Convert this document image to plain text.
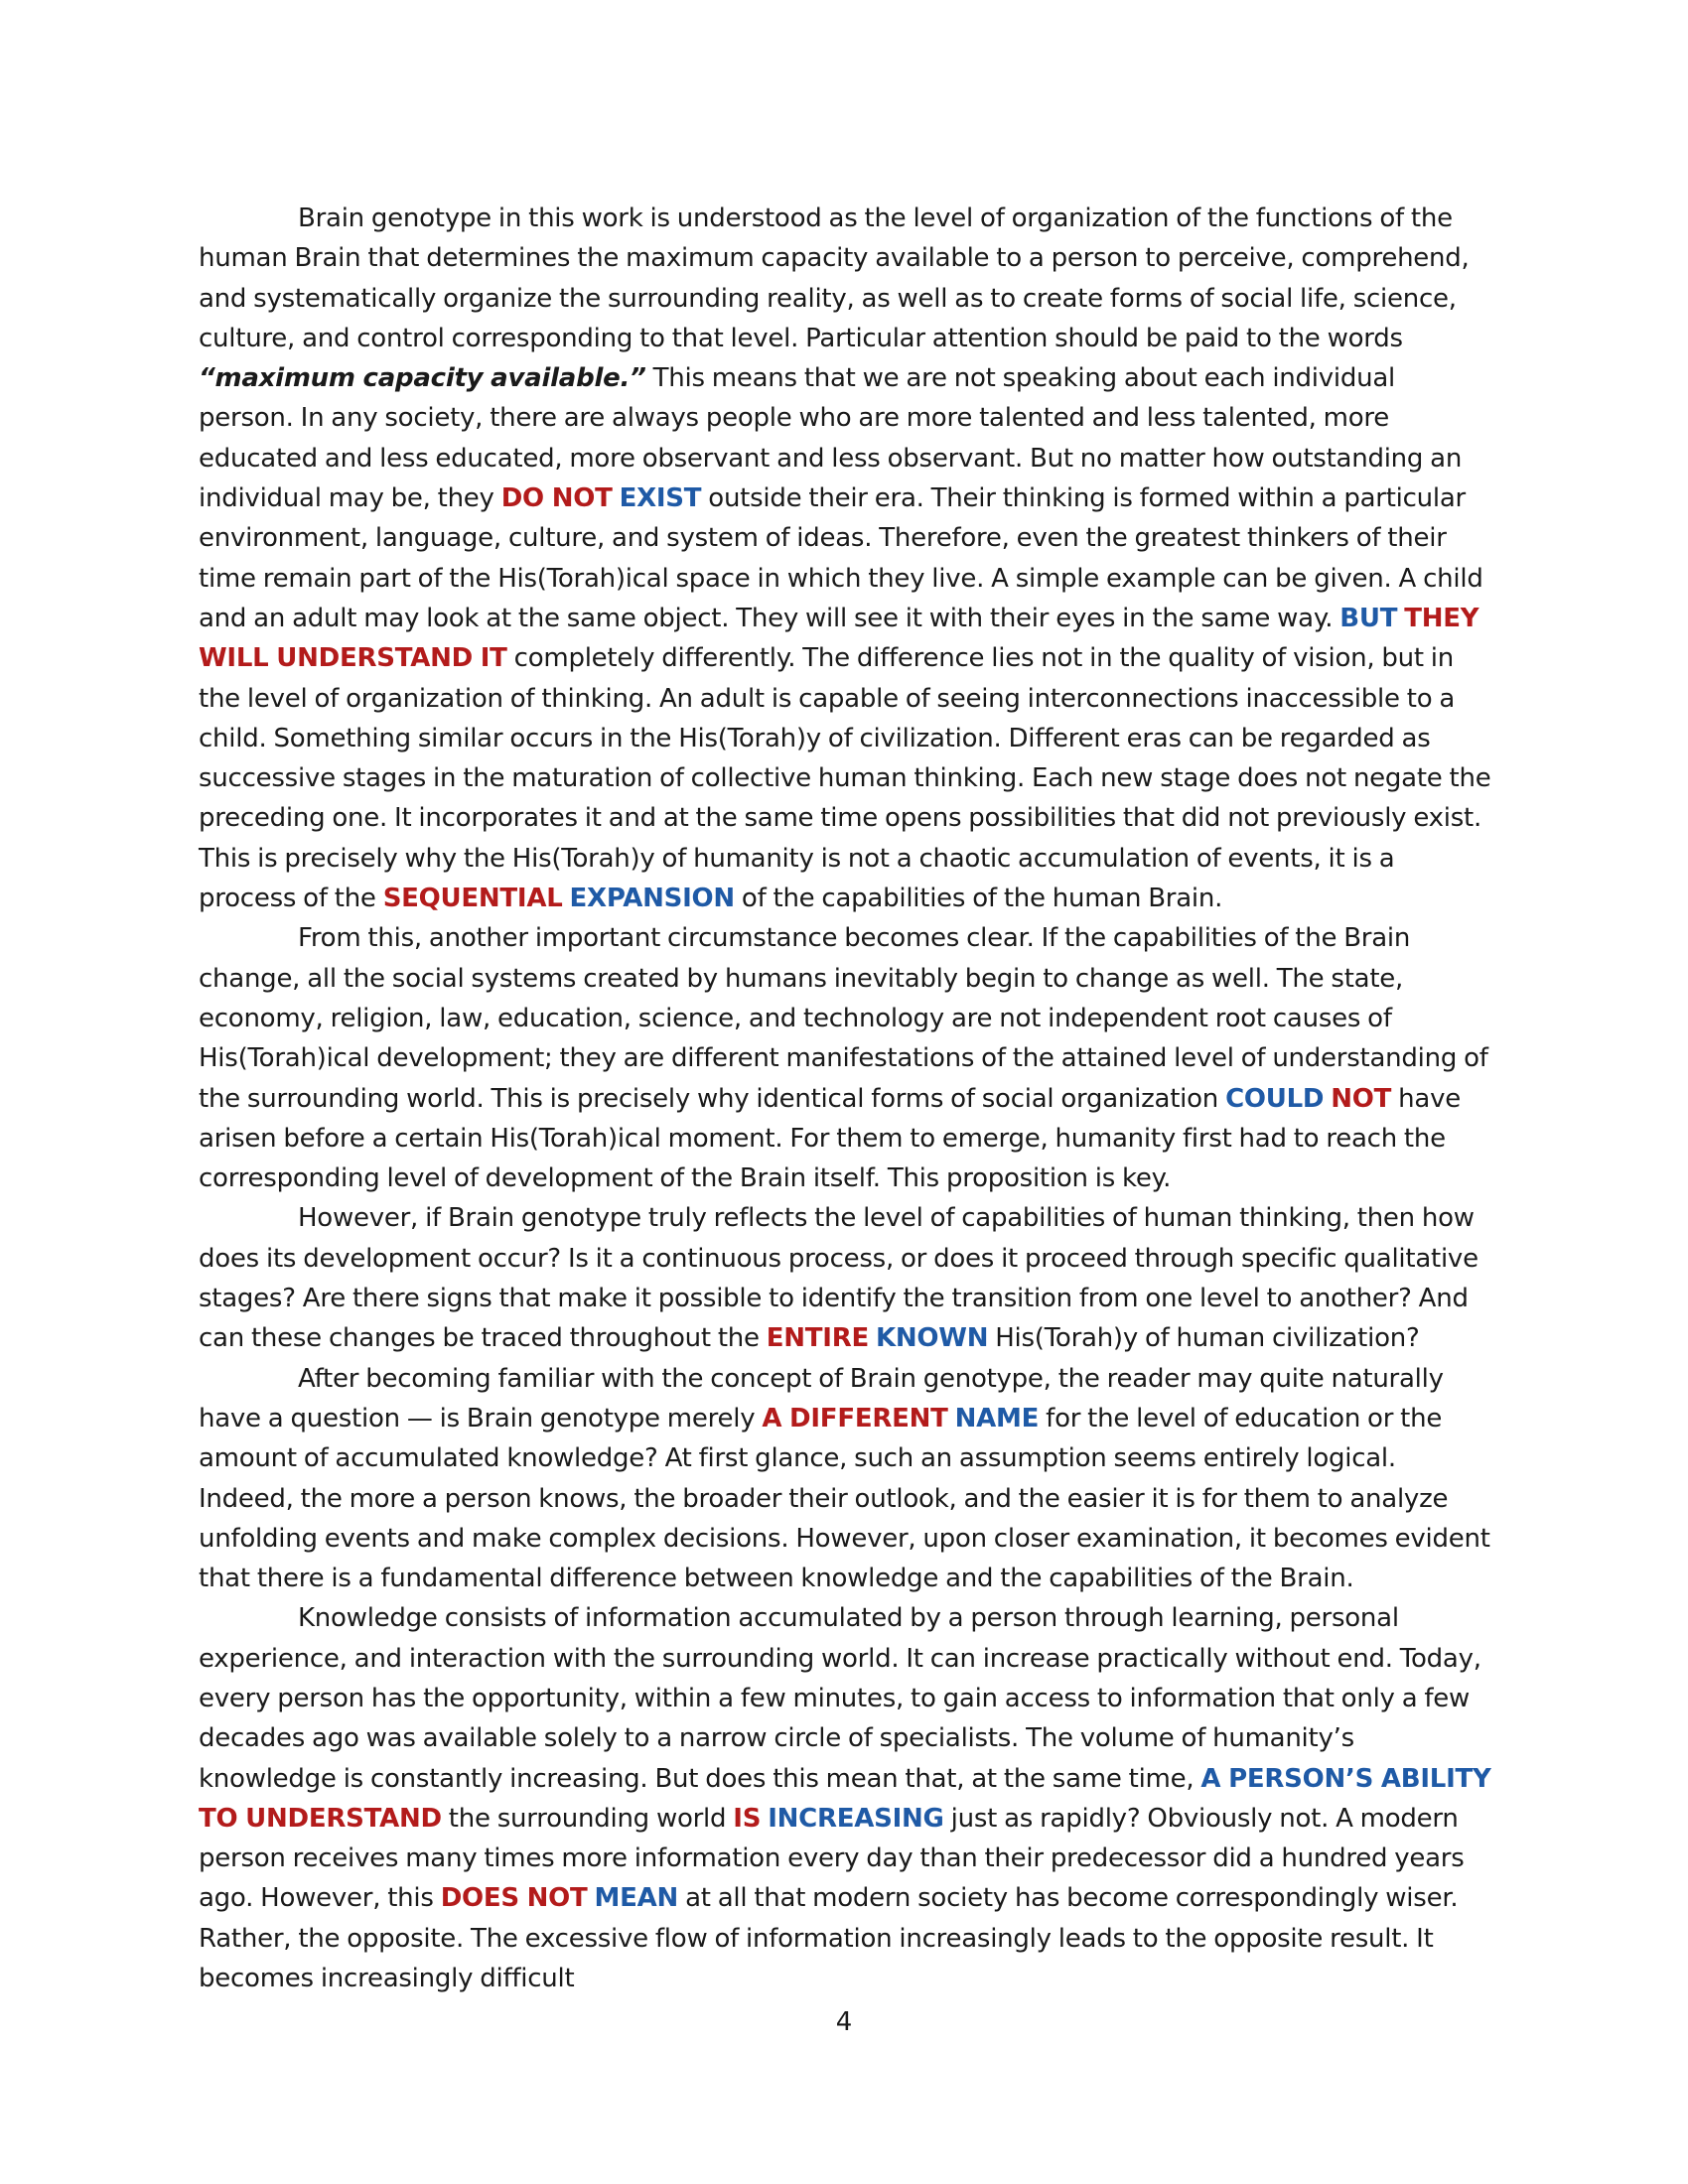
Brain genotype in this work is understood as the level of organization of the functions of the human Brain that determines the maximum capacity available to a person to perceive, comprehend, and systematically organize the surrounding reality, as well as to create forms of social life, science, culture, and control corresponding to that level. Particular attention should be paid to the words “maximum capacity available.” This means that we are not speaking about each individual person. In any society, there are always people who are more talented and less talented, more educated and less educated, more observant and less observant. But no matter how outstanding an individual may be, they DO NOT EXIST outside their era. Their thinking is formed within a particular environment, language, culture, and system of ideas. Therefore, even the greatest thinkers of their time remain part of the His(Torah)ical space in which they live. A simple example can be given. A child and an adult may look at the same object. They will see it with their eyes in the same way. BUT THEY WILL UNDERSTAND IT completely differently. The difference lies not in the quality of vision, but in the level of organization of thinking. An adult is capable of seeing interconnections inaccessible to a child. Something similar occurs in the His(Torah)y of civilization. Different eras can be regarded as successive stages in the maturation of collective human thinking. Each new stage does not negate the preceding one. It incorporates it and at the same time opens possibilities that did not previously exist. This is precisely why the His(Torah)y of humanity is not a chaotic accumulation of events, it is a process of the SEQUENTIAL EXPANSION of the capabilities of the human Brain.

From this, another important circumstance becomes clear. If the capabilities of the Brain change, all the social systems created by humans inevitably begin to change as well. The state, economy, religion, law, education, science, and technology are not independent root causes of His(Torah)ical development; they are different manifestations of the attained level of understanding of the surrounding world. This is precisely why identical forms of social organization COULD NOT have arisen before a certain His(Torah)ical moment. For them to emerge, humanity first had to reach the corresponding level of development of the Brain itself. This proposition is key.

However, if Brain genotype truly reflects the level of capabilities of human thinking, then how does its development occur? Is it a continuous process, or does it proceed through specific qualitative stages? Are there signs that make it possible to identify the transition from one level to another? And can these changes be traced throughout the ENTIRE KNOWN His(Torah)y of human civilization?

After becoming familiar with the concept of Brain genotype, the reader may quite naturally have a question — is Brain genotype merely A DIFFERENT NAME for the level of education or the amount of accumulated knowledge? At first glance, such an assumption seems entirely logical. Indeed, the more a person knows, the broader their outlook, and the easier it is for them to analyze unfolding events and make complex decisions. However, upon closer examination, it becomes evident that there is a fundamental difference between knowledge and the capabilities of the Brain.

Knowledge consists of information accumulated by a person through learning, personal experience, and interaction with the surrounding world. It can increase practically without end. Today, every person has the opportunity, within a few minutes, to gain access to information that only a few decades ago was available solely to a narrow circle of specialists. The volume of humanity’s knowledge is constantly increasing. But does this mean that, at the same time, A PERSON’S ABILITY TO UNDERSTAND the surrounding world IS INCREASING just as rapidly? Obviously not. A modern person receives many times more information every day than their predecessor did a hundred years ago. However, this DOES NOT MEAN at all that modern society has become correspondingly wiser. Rather, the opposite. The excessive flow of information increasingly leads to the opposite result. It becomes increasingly difficult

4
